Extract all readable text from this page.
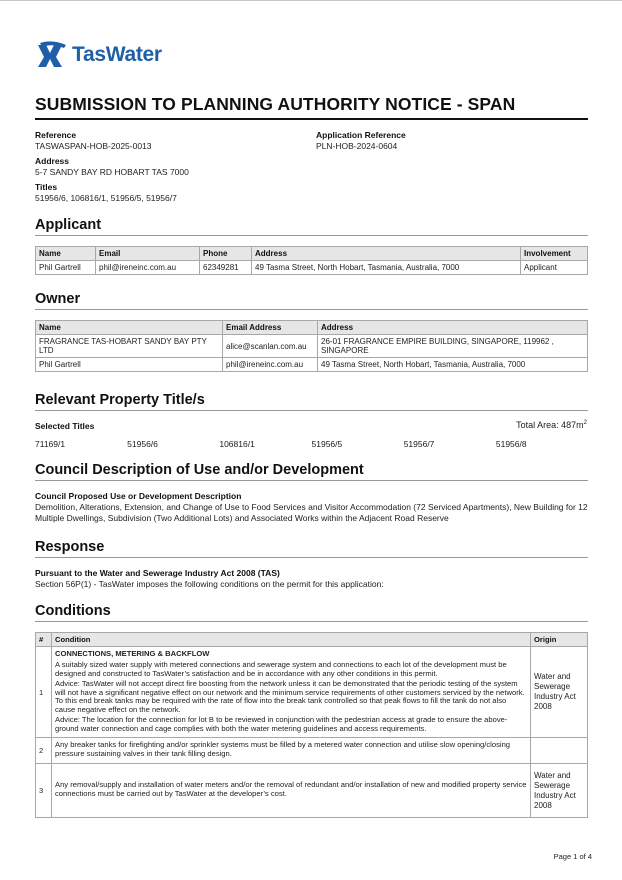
TasWater
SUBMISSION TO PLANNING AUTHORITY NOTICE - SPAN
Reference
TASWASPAN-HOB-2025-0013
Application Reference
PLN-HOB-2024-0604
Address
5-7 SANDY BAY RD HOBART TAS 7000
Titles
51956/6, 106816/1, 51956/5, 51956/7
Applicant
Name	Email	Phone	Address	Involvement
Phil Gartrell	phil@ireneinc.com.au	62349281	49 Tasma Street, North Hobart, Tasmania, Australia, 7000	Applicant
Owner
Name	Email Address	Address
FRAGRANCE TAS-HOBART SANDY BAY PTY LTD	alice@scanlan.com.au	26-01 FRAGRANCE EMPIRE BUILDING, SINGAPORE, 119962 , SINGAPORE
Phil Gartrell	phil@ireneinc.com.au	49 Tasma Street, North Hobart, Tasmania, Australia, 7000
Relevant Property Title/s
Selected Titles	Total Area: $487m^2$
71169/1	51956/6	106816/1	51956/5	51956/7	51956/8
Council Description of Use and/or Development
Council Proposed Use or Development Description
Demolition, Alterations, Extension, and Change of Use to Food Services and Visitor Accommodation (72 Serviced Apartments), New Building for 12 Multiple Dwellings, Subdivision (Two Additional Lots) and Associated Works within the Adjacent Road Reserve
Response
Pursuant to the Water and Sewerage Industry Act 2008 (TAS)
Section 56P(1) - TasWater imposes the following conditions on the permit for this application:
Conditions
#	Condition	Origin
1	CONNECTIONS, METERING & BACKFLOW
A suitably sized water supply with metered connections and sewerage system and connections to each lot of the development must be designed and constructed to TasWater’s satisfaction and be in accordance with any other conditions in this permit.
Advice: TasWater will not accept direct fire boosting from the network unless it can be demonstrated that the periodic testing of the system will not have a significant negative effect on our network and the minimum service requirements of other customers serviced by the network. To this end break tanks may be required with the rate of flow into the break tank controlled so that peak flows to fill the tank do not also cause negative effect on the network.
Advice: The location for the connection for lot B to be reviewed in conjunction with the pedestrian access at grade to ensure the above-ground water connection and cage complies with both the water metering guidelines and access requirements.	Water and Sewerage Industry Act 2008
2	Any breaker tanks for firefighting and/or sprinkler systems must be filled by a metered water connection and utilise slow opening/closing pressure sustaining valves in their tank filling design.	

3	Any removal/supply and installation of water meters and/or the removal of redundant and/or installation of new and modified property service connections must be carried out by TasWater at the developer’s cost.	Water and Sewerage Industry Act 2008
Page 1 of 4
